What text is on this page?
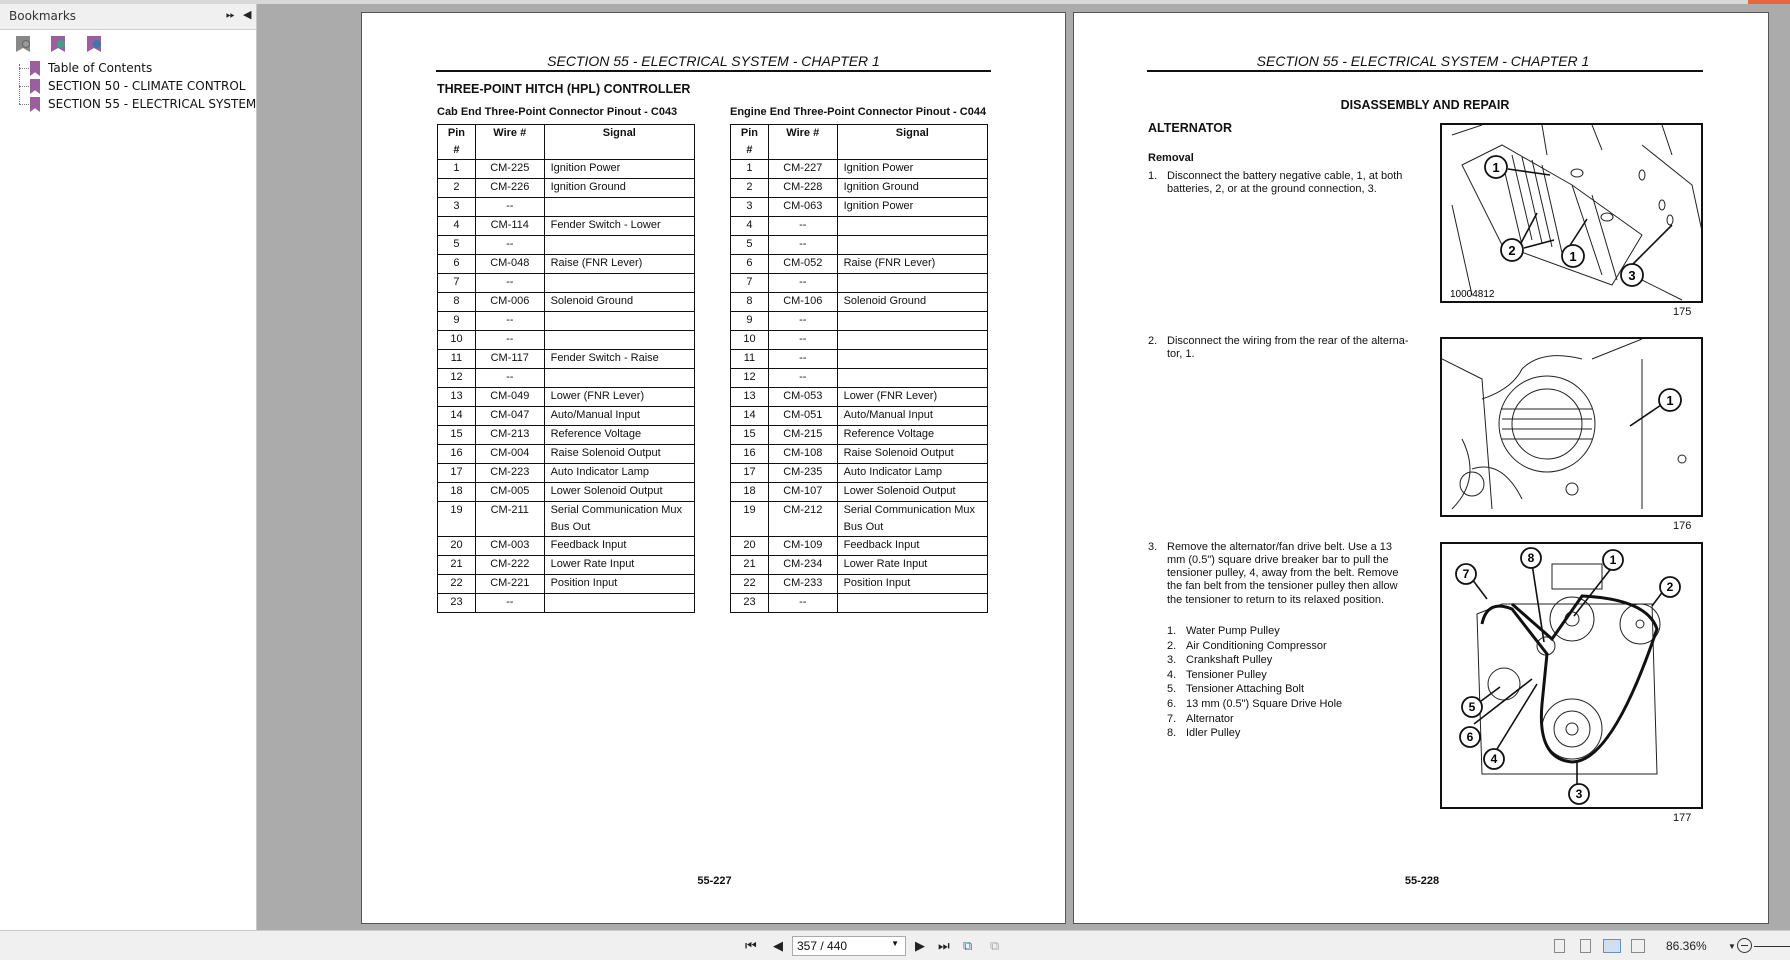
Bookmarks	⏩︎ ◀
Table of Contents
SECTION 50 - CLIMATE CONTROL
SECTION 55 - ELECTRICAL SYSTEM
SECTION 55 - ELECTRICAL SYSTEM - CHAPTER 1
THREE-POINT HITCH (HPL) CONTROLLER
Cab End Three-Point Connector Pinout - C043	Engine End Three-Point Connector Pinout - C044
Pin #	Wire #	Signal
1	CM-225	Ignition Power
2	CM-226	Ignition Ground
3	--	
4	CM-114	Fender Switch - Lower
5	--	
6	CM-048	Raise (FNR Lever)
7	--	
8	CM-006	Solenoid Ground
9	--	
10	--	
11	CM-117	Fender Switch - Raise
12	--	
13	CM-049	Lower (FNR Lever)
14	CM-047	Auto/Manual Input
15	CM-213	Reference Voltage
16	CM-004	Raise Solenoid Output
17	CM-223	Auto Indicator Lamp
18	CM-005	Lower Solenoid Output
19	CM-211	Serial Communication Mux Bus Out
20	CM-003	Feedback Input
21	CM-222	Lower Rate Input
22	CM-221	Position Input
23	--	
Pin #	Wire #	Signal
1	CM-227	Ignition Power
2	CM-228	Ignition Ground
3	CM-063	Ignition Power
4	--	
5	--	
6	CM-052	Raise (FNR Lever)
7	--	
8	CM-106	Solenoid Ground
9	--	
10	--	
11	--	
12	--	
13	CM-053	Lower (FNR Lever)
14	CM-051	Auto/Manual Input
15	CM-215	Reference Voltage
16	CM-108	Raise Solenoid Output
17	CM-235	Auto Indicator Lamp
18	CM-107	Lower Solenoid Output
19	CM-212	Serial Communication Mux Bus Out
20	CM-109	Feedback Input
21	CM-234	Lower Rate Input
22	CM-233	Position Input
23	--	
55-227
SECTION 55 - ELECTRICAL SYSTEM - CHAPTER 1
DISASSEMBLY AND REPAIR
ALTERNATOR
Removal
1. Disconnect the battery negative cable, 1, at both
batteries, 2, or at the ground connection, 3.
2. Disconnect the wiring from the rear of the alterna-
tor, 1.
3. Remove the alternator/fan drive belt. Use a 13
mm (0.5") square drive breaker bar to pull the
tensioner pulley, 4, away from the belt. Remove
the fan belt from the tensioner pulley then allow
the tensioner to return to its relaxed position.
1. Water Pump Pulley
2. Air Conditioning Compressor
3. Crankshaft Pulley
4. Tensioner Pulley
5. Tensioner Attaching Bolt
6. 13 mm (0.5") Square Drive Hole
7. Alternator
8. Idler Pulley
1
1
2
3
10004812
175
1
176
1
2
3
4
5
6
7
8
177
55-228
⏮︎ ◀	357 / 440	▼ ▶ ⏭︎ ⧉ ⧉	86.36%	▼
